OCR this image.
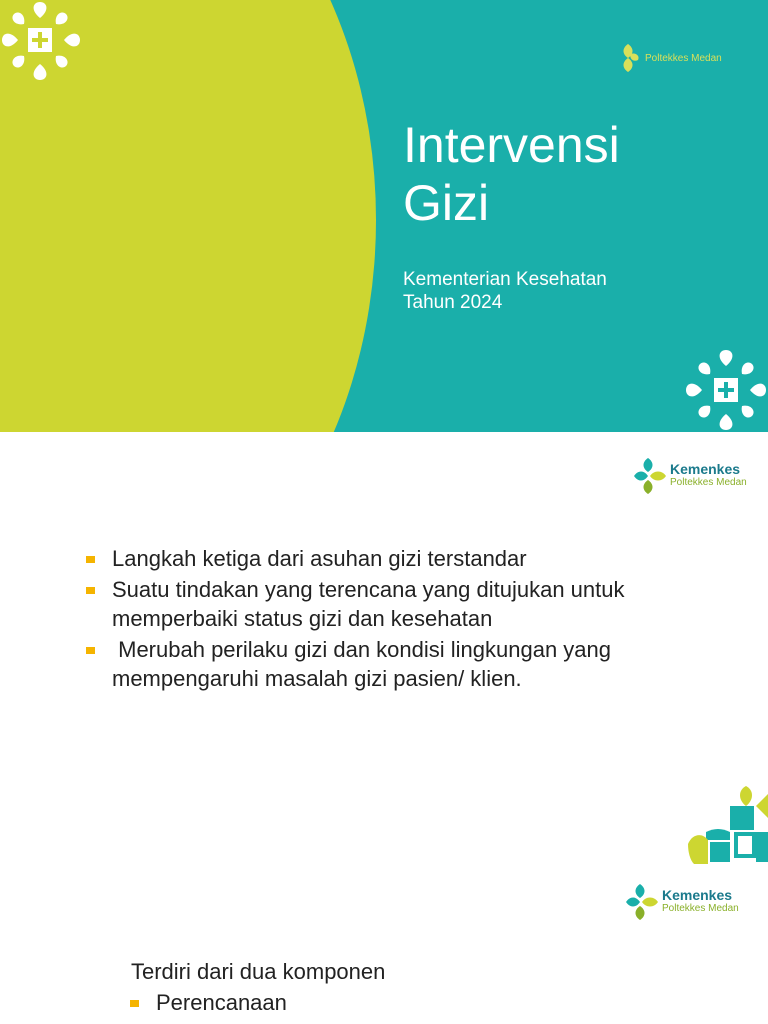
Poltekkes Medan
Intervensi
Gizi
Kementerian Kesehatan
Tahun 2024
Kemenkes
Poltekkes Medan
Langkah ketiga dari asuhan gizi terstandar
Suatu tindakan yang terencana yang ditujukan untuk memperbaiki status gizi dan kesehatan
Merubah perilaku gizi dan kondisi lingkungan yang mempengaruhi masalah gizi pasien/ klien.
Kemenkes
Poltekkes Medan
Terdiri dari dua komponen
Perencanaan
